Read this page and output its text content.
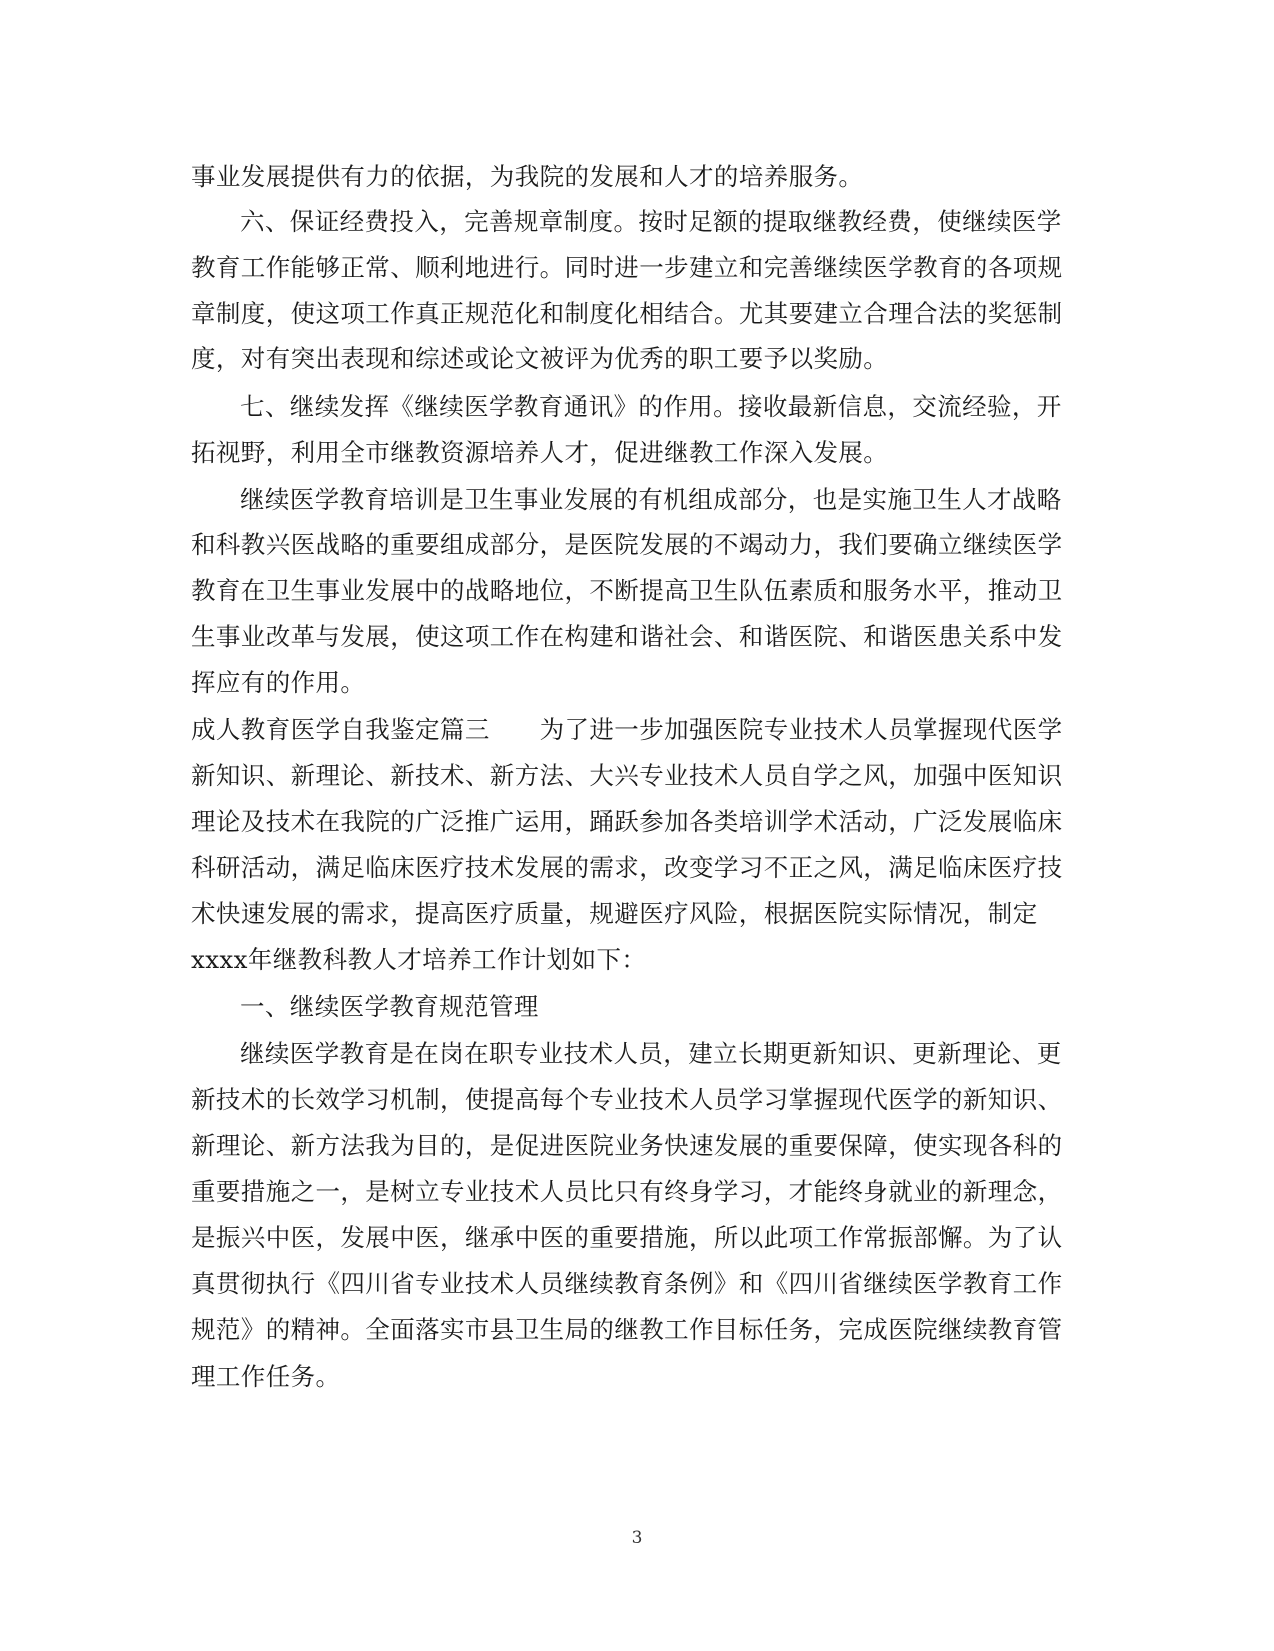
事业发展提供有力的依据，为我院的发展和人才的培养服务。
六、保证经费投入，完善规章制度。按时足额的提取继教经费，使继续医学
教育工作能够正常、顺利地进行。同时进一步建立和完善继续医学教育的各项规
章制度，使这项工作真正规范化和制度化相结合。尤其要建立合理合法的奖惩制
度，对有突出表现和综述或论文被评为优秀的职工要予以奖励。
七、继续发挥《继续医学教育通讯》的作用。接收最新信息，交流经验，开
拓视野，利用全市继教资源培养人才，促进继教工作深入发展。
继续医学教育培训是卫生事业发展的有机组成部分，也是实施卫生人才战略
和科教兴医战略的重要组成部分，是医院发展的不竭动力，我们要确立继续医学
教育在卫生事业发展中的战略地位，不断提高卫生队伍素质和服务水平，推动卫
生事业改革与发展，使这项工作在构建和谐社会、和谐医院、和谐医患关系中发
挥应有的作用。
成人教育医学自我鉴定篇三　　为了进一步加强医院专业技术人员掌握现代医学
新知识、新理论、新技术、新方法、大兴专业技术人员自学之风，加强中医知识
理论及技术在我院的广泛推广运用，踊跃参加各类培训学术活动，广泛发展临床
科研活动，满足临床医疗技术发展的需求，改变学习不正之风，满足临床医疗技
术快速发展的需求，提高医疗质量，规避医疗风险，根据医院实际情况，制定
xxxx年继教科教人才培养工作计划如下：
一、继续医学教育规范管理
继续医学教育是在岗在职专业技术人员，建立长期更新知识、更新理论、更
新技术的长效学习机制，使提高每个专业技术人员学习掌握现代医学的新知识、
新理论、新方法我为目的，是促进医院业务快速发展的重要保障，使实现各科的
重要措施之一，是树立专业技术人员比只有终身学习，才能终身就业的新理念，
是振兴中医，发展中医，继承中医的重要措施，所以此项工作常振部懈。为了认
真贯彻执行《四川省专业技术人员继续教育条例》和《四川省继续医学教育工作
规范》的精神。全面落实市县卫生局的继教工作目标任务，完成医院继续教育管
理工作任务。
3
